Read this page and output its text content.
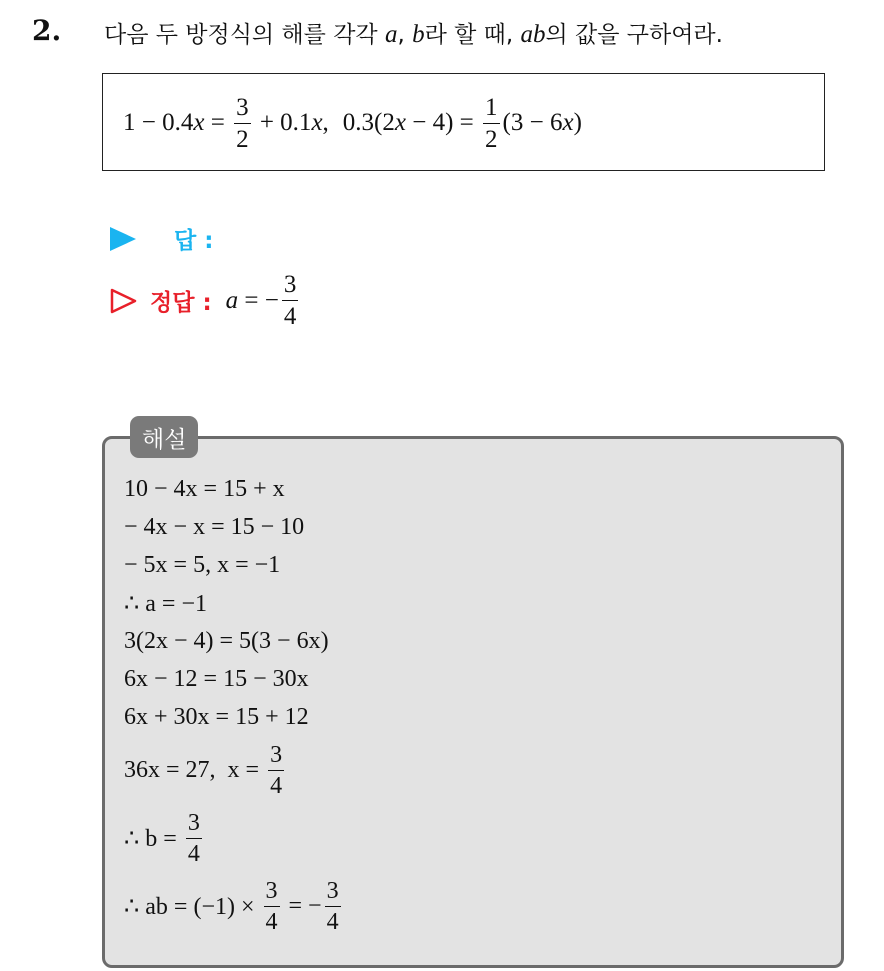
2. 다음 두 방정식의 해를 각각 a, b라 할 때, ab의 값을 구하여라.
1 − 0.4 $x = \frac{3}{2} + 0.1$ x , 0.3(2 $x - 4) = \frac{1}{2} (3 - 6$ x )
답 :
정답 : a = − $\frac{3}{4}$
해설
10 − 4x = 15 + x
− 4x − x = 15 − 10
− 5x = 5, x = −1
∴ a = −1
3(2x − 4) = 5(3 − 6x)
6x − 12 = 15 − 30x
6x + 30x = 15 + 12
36x = 27,  $x = \frac{3}{4}$
∴ $b = \frac{3}{4}$
∴ ab = $(-1) \times \frac{3}{4}$ = − $\frac{3}{4}$
